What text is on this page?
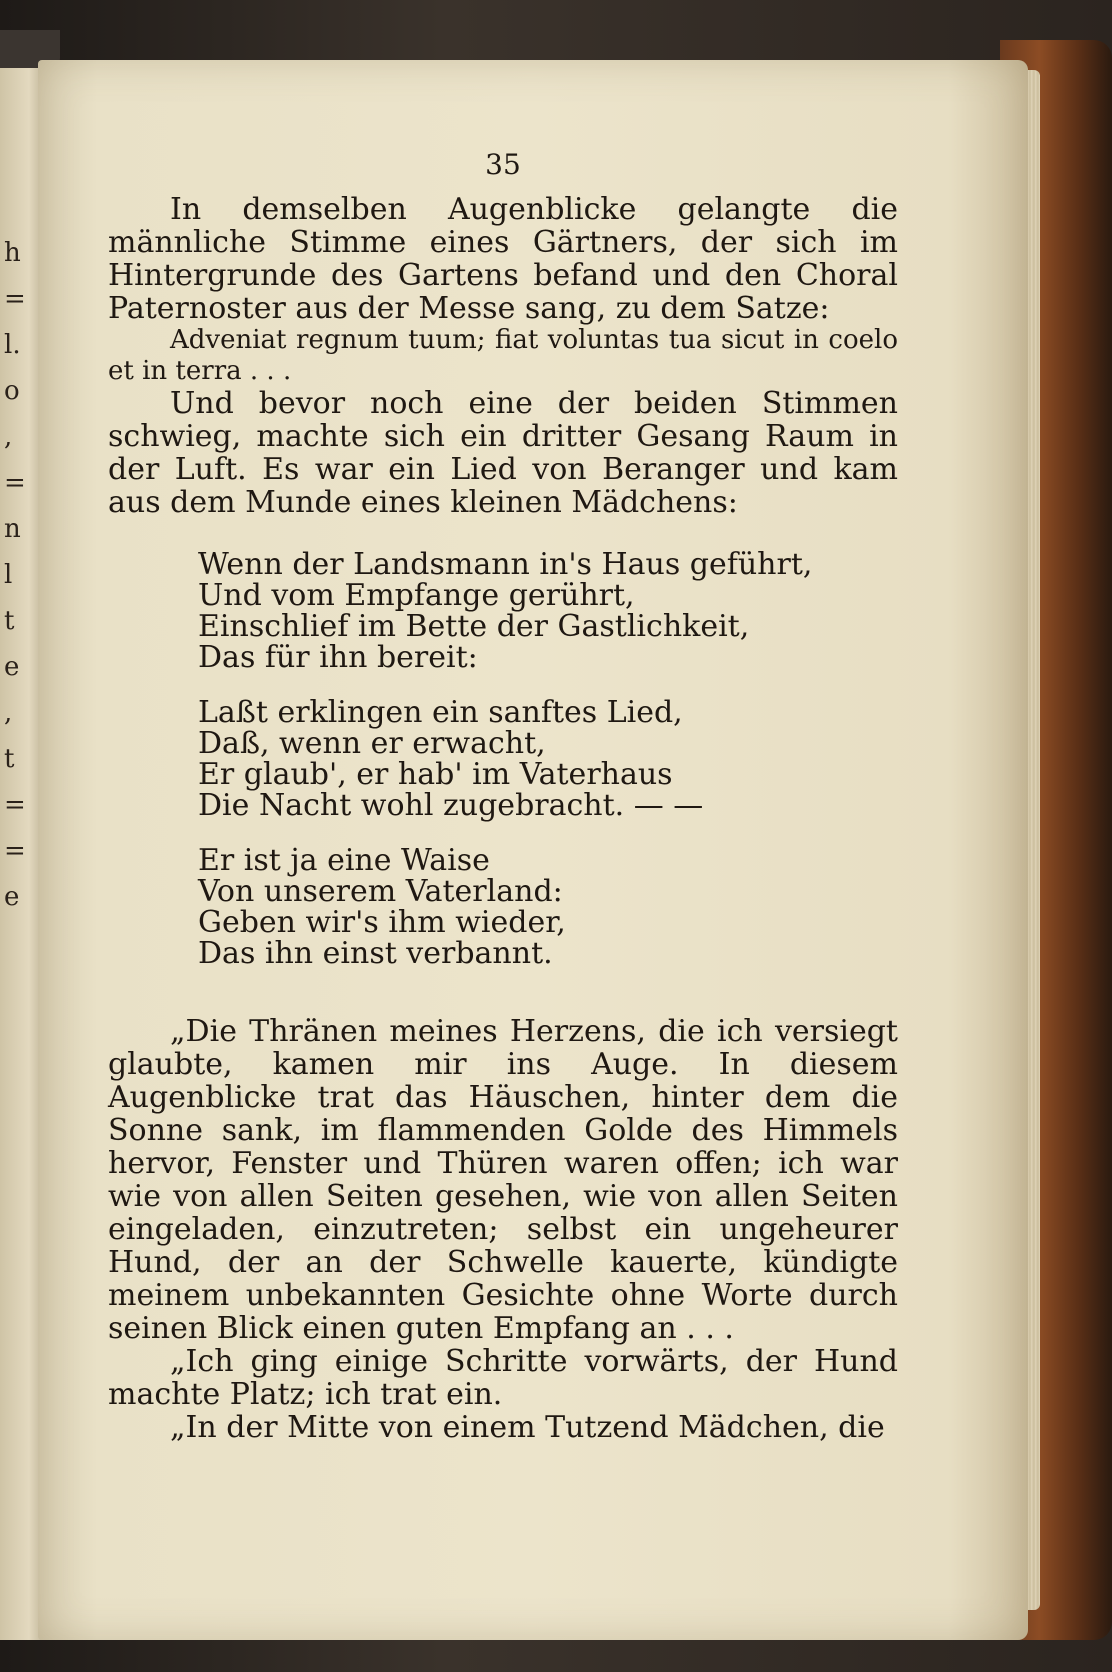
h
=
l.
o
,
=
n
l
t
e
,
t
=
=
e
35

In demselben Augenblicke gelangte die männliche Stimme eines Gärtners, der sich im Hintergrunde des Gartens befand und den Choral Paternoster aus der Messe sang, zu dem Satze:

Adveniat regnum tuum; fiat voluntas tua sicut in coelo et in terra . . .

Und bevor noch eine der beiden Stimmen schwieg, machte sich ein dritter Gesang Raum in der Luft. Es war ein Lied von Beranger und kam aus dem Munde eines kleinen Mädchens:

Wenn der Landsmann in's Haus geführt,
Und vom Empfange gerührt,
Einschlief im Bette der Gastlichkeit,
Das für ihn bereit:
Laßt erklingen ein sanftes Lied,
Daß, wenn er erwacht,
Er glaub', er hab' im Vaterhaus
Die Nacht wohl zugebracht. — —
Er ist ja eine Waise
Von unserem Vaterland:
Geben wir's ihm wieder,
Das ihn einst verbannt.

„Die Thränen meines Herzens, die ich versiegt glaubte, kamen mir ins Auge. In diesem Augenblicke trat das Häuschen, hinter dem die Sonne sank, im flammenden Golde des Himmels hervor, Fenster und Thüren waren offen; ich war wie von allen Seiten gesehen, wie von allen Seiten eingeladen, einzutreten; selbst ein ungeheurer Hund, der an der Schwelle kauerte, kündigte meinem unbekannten Gesichte ohne Worte durch seinen Blick einen guten Empfang an . . .

„Ich ging einige Schritte vorwärts, der Hund machte Platz; ich trat ein.

„In der Mitte von einem Tutzend Mädchen, die
